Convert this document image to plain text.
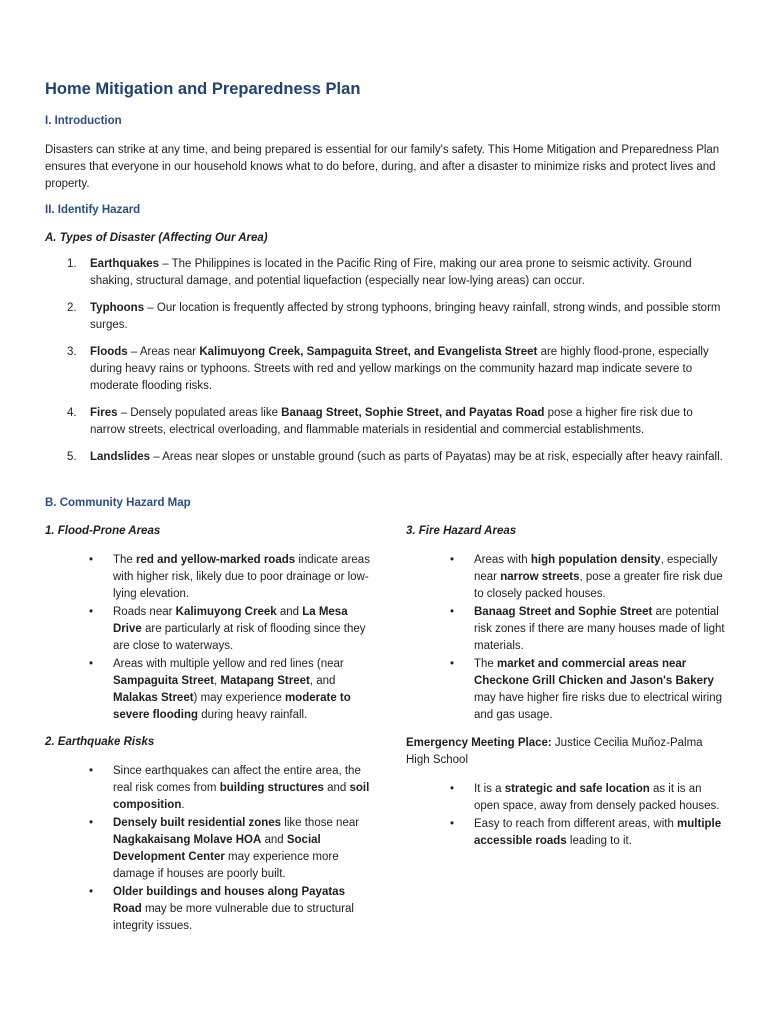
Home Mitigation and Preparedness Plan
I. Introduction

Disasters can strike at any time, and being prepared is essential for our family's safety. This Home Mitigation and Preparedness Plan ensures that everyone in our household knows what to do before, during, and after a disaster to minimize risks and protect lives and property.

II. Identify Hazard
A. Types of Disaster (Affecting Our Area)
1. Earthquakes – The Philippines is located in the Pacific Ring of Fire, making our area prone to seismic activity. Ground shaking, structural damage, and potential liquefaction (especially near low-lying areas) can occur.
2. Typhoons – Our location is frequently affected by strong typhoons, bringing heavy rainfall, strong winds, and possible storm surges.
3. Floods – Areas near Kalimuyong Creek, Sampaguita Street, and Evangelista Street are highly flood-prone, especially during heavy rains or typhoons. Streets with red and yellow markings on the community hazard map indicate severe to moderate flooding risks.
4. Fires – Densely populated areas like Banaag Street, Sophie Street, and Payatas Road pose a higher fire risk due to narrow streets, electrical overloading, and flammable materials in residential and commercial establishments.
5. Landslides – Areas near slopes or unstable ground (such as parts of Payatas) may be at risk, especially after heavy rainfall.
B. Community Hazard Map
1. Flood-Prone Areas
• The red and yellow-marked roads indicate areas with higher risk, likely due to poor drainage or low-lying elevation.
• Roads near Kalimuyong Creek and La Mesa Drive are particularly at risk of flooding since they are close to waterways.
• Areas with multiple yellow and red lines (near Sampaguita Street, Matapang Street, and Malakas Street) may experience moderate to severe flooding during heavy rainfall.
2. Earthquake Risks
• Since earthquakes can affect the entire area, the real risk comes from building structures and soil composition.
• Densely built residential zones like those near Nagkakaisang Molave HOA and Social Development Center may experience more damage if houses are poorly built.
• Older buildings and houses along Payatas Road may be more vulnerable due to structural integrity issues.
3. Fire Hazard Areas
• Areas with high population density, especially near narrow streets, pose a greater fire risk due to closely packed houses.
• Banaag Street and Sophie Street are potential risk zones if there are many houses made of light materials.
• The market and commercial areas near Checkone Grill Chicken and Jason's Bakery may have higher fire risks due to electrical wiring and gas usage.

Emergency Meeting Place: Justice Cecilia Muñoz-Palma High School

• It is a strategic and safe location as it is an open space, away from densely packed houses.
• Easy to reach from different areas, with multiple accessible roads leading to it.
